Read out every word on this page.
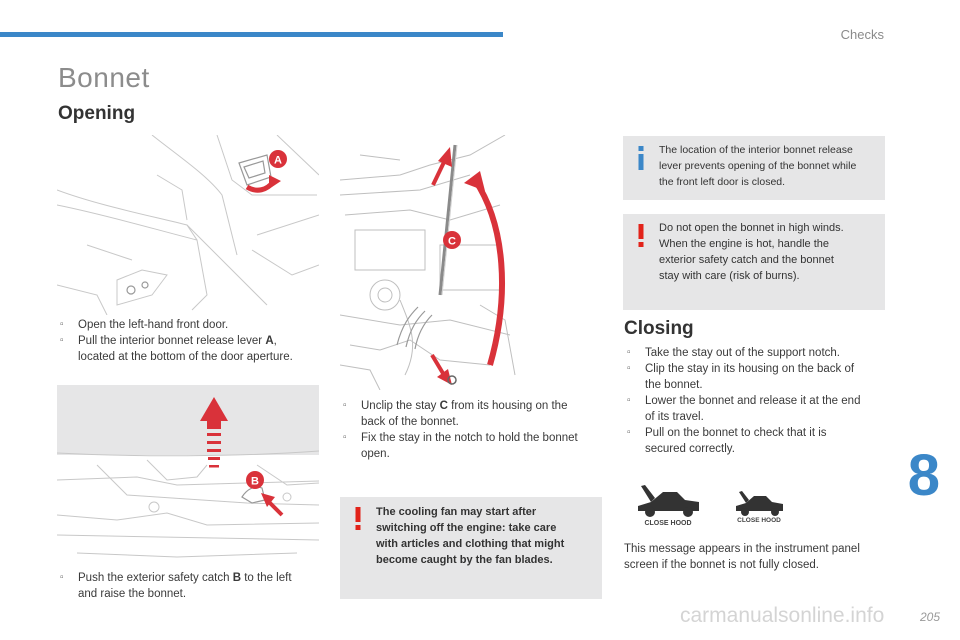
Checks
Bonnet
Opening
A
▫	Open the left-hand front door.
▫	Pull the interior bonnet release lever A,
located at the bottom of the door aperture.
C
▫	Unclip the stay C from its housing on the
back of the bonnet.
▫	Fix the stay in the notch to hold the bonnet
open.
B
▫	Push the exterior safety catch B to the left
and raise the bonnet.
The cooling fan may start after
switching off the engine: take care
with articles and clothing that might
become caught by the fan blades.
The location of the interior bonnet release
lever prevents opening of the bonnet while
the front left door is closed.
Do not open the bonnet in high winds.
When the engine is hot, handle the
exterior safety catch and the bonnet
stay with care (risk of burns).
Closing
▫	Take the stay out of the support notch.
▫	Clip the stay in its housing on the back of
the bonnet.
▫	Lower the bonnet and release it at the end
of its travel.
▫	Pull on the bonnet to check that it is
secured correctly.
CLOSE HOOD	CLOSE HOOD
This message appears in the instrument panel
screen if the bonnet is not fully closed.
8
carmanualsonline.info	205
